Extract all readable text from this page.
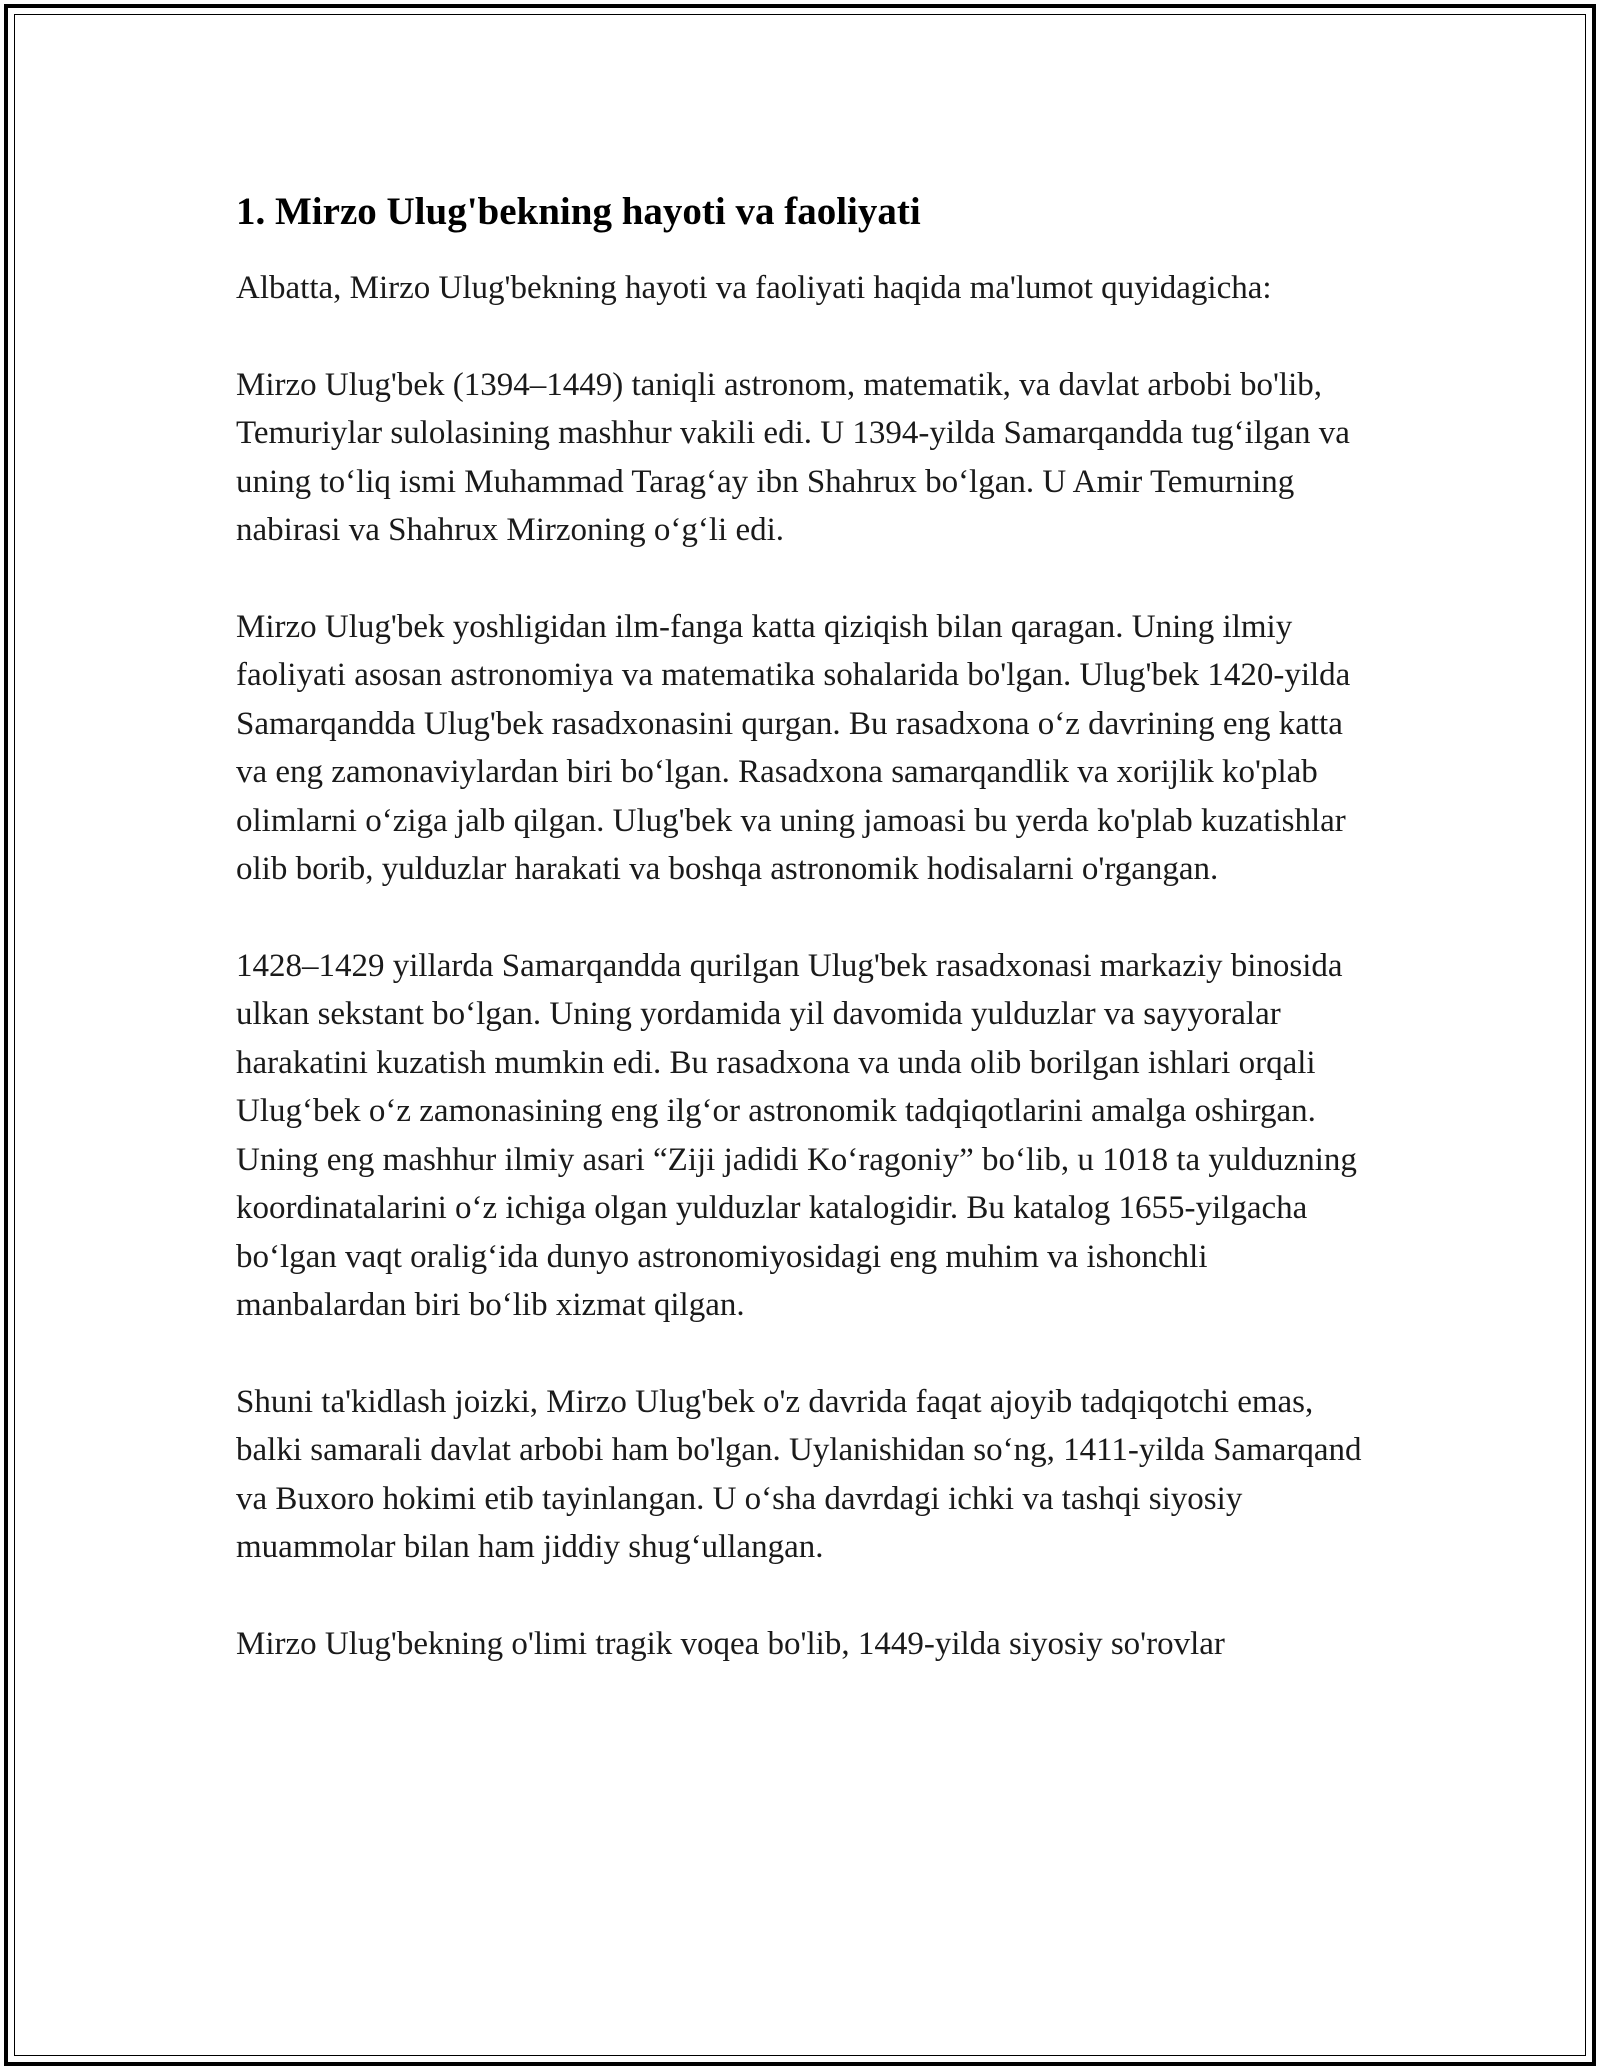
1. Mirzo Ulug'bekning hayoti va faoliyati

Albatta, Mirzo Ulug'bekning hayoti va faoliyati haqida ma'lumot quyidagicha:

Mirzo Ulug'bek (1394–1449) taniqli astronom, matematik, va davlat arbobi bo'lib, Temuriylar sulolasining mashhur vakili edi. U 1394-yilda Samarqandda tug‘ilgan va uning to‘liq ismi Muhammad Tarag‘ay ibn Shahrux bo‘lgan. U Amir Temurning nabirasi va Shahrux Mirzoning o‘g‘li edi.

Mirzo Ulug'bek yoshligidan ilm-fanga katta qiziqish bilan qaragan. Uning ilmiy faoliyati asosan astronomiya va matematika sohalarida bo'lgan. Ulug'bek 1420-yilda Samarqandda Ulug'bek rasadxonasini qurgan. Bu rasadxona o‘z davrining eng katta va eng zamonaviylardan biri bo‘lgan. Rasadxona samarqandlik va xorijlik ko'plab olimlarni o‘ziga jalb qilgan. Ulug'bek va uning jamoasi bu yerda ko'plab kuzatishlar olib borib, yulduzlar harakati va boshqa astronomik hodisalarni o'rgangan.

1428–1429 yillarda Samarqandda qurilgan Ulug'bek rasadxonasi markaziy binosida ulkan sekstant bo‘lgan. Uning yordamida yil davomida yulduzlar va sayyoralar harakatini kuzatish mumkin edi. Bu rasadxona va unda olib borilgan ishlari orqali Ulug‘bek o‘z zamonasining eng ilg‘or astronomik tadqiqotlarini amalga oshirgan. Uning eng mashhur ilmiy asari “Ziji jadidi Ko‘ragoniy” bo‘lib, u 1018 ta yulduzning koordinatalarini o‘z ichiga olgan yulduzlar katalogidir. Bu katalog 1655-yilgacha bo‘lgan vaqt oralig‘ida dunyo astronomiyosidagi eng muhim va ishonchli manbalardan biri bo‘lib xizmat qilgan.

Shuni ta'kidlash joizki, Mirzo Ulug'bek o'z davrida faqat ajoyib tadqiqotchi emas, balki samarali davlat arbobi ham bo'lgan. Uylanishidan so‘ng, 1411-yilda Samarqand va Buxoro hokimi etib tayinlangan. U o‘sha davrdagi ichki va tashqi siyosiy muammolar bilan ham jiddiy shug‘ullangan.

Mirzo Ulug'bekning o'limi tragik voqea bo'lib, 1449-yilda siyosiy so'rovlar
